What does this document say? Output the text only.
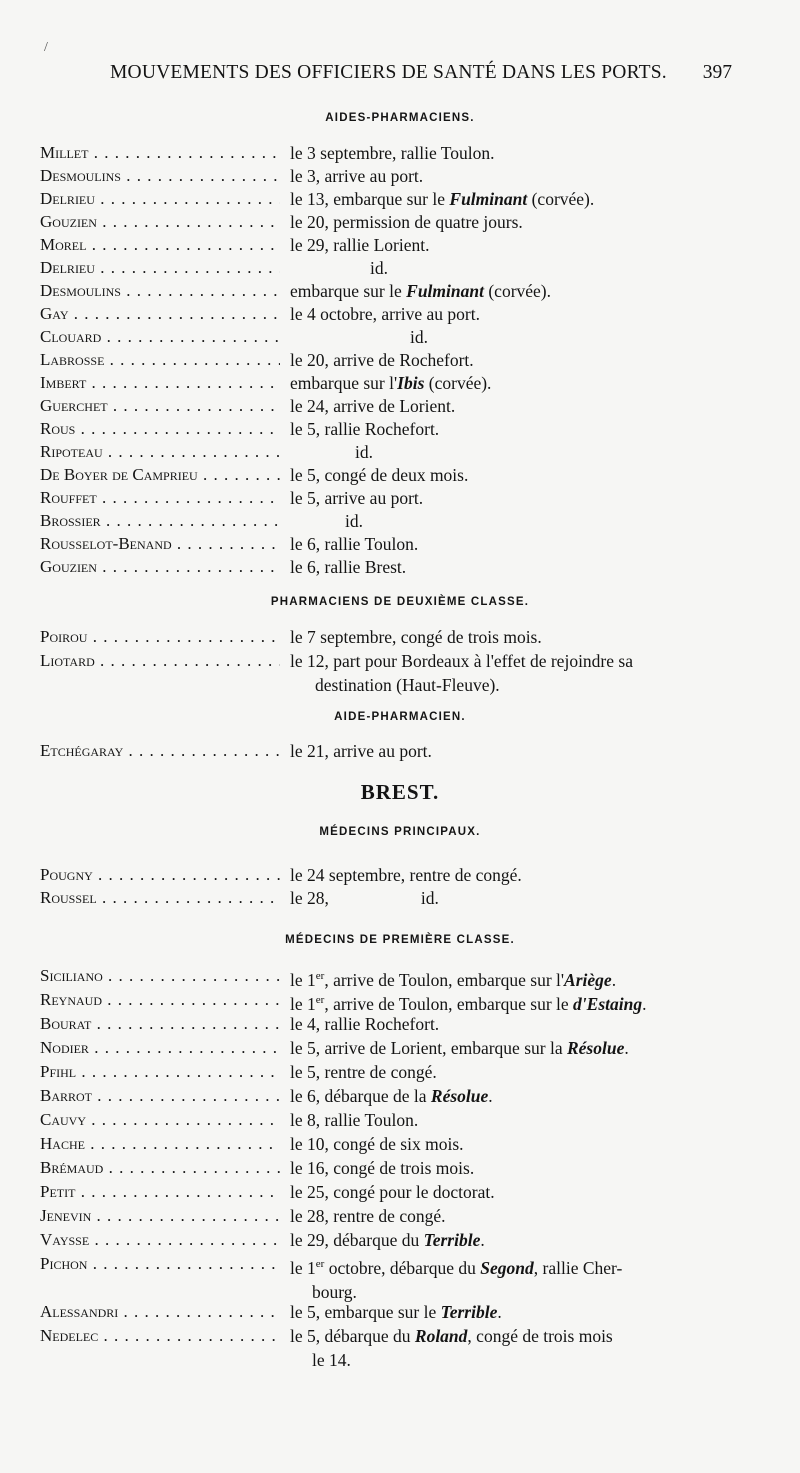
/
MOUVEMENTS DES OFFICIERS DE SANTÉ DANS LES PORTS. 397
AIDES-PHARMACIENS.
Millet . . .	le 3 septembre, rallie Toulon.
Desmoulins . . .	le 3, arrive au port.
Delrieu . . .	le 13, embarque sur le Fulminant (corvée).
Gouzien . . .	le 20, permission de quatre jours.
Morel . . .	le 29, rallie Lorient.
Delrieu . . .	id.
Desmoulins . . .	embarque sur le Fulminant (corvée).
Gay . . .	le 4 octobre, arrive au port.
Clouard . . .	id.
Labrosse . . .	le 20, arrive de Rochefort.
Imbert . . .	embarque sur l'Ibis (corvée).
Guerchet . . .	le 24, arrive de Lorient.
Rous . . .	le 5, rallie Rochefort.
Ripoteau . . .	id.
De Boyer de Camprieu . . .	le 5, congé de deux mois.
Rouffet . . .	le 5, arrive au port.
Brossier . . .	id.
Rousselot-Benand . . .	le 6, rallie Toulon.
Gouzien . . .	le 6, rallie Brest.
PHARMACIENS DE DEUXIÈME CLASSE.
Poirou . . .	le 7 septembre, congé de trois mois.
Liotard . . .	le 12, part pour Bordeaux à l'effet de rejoindre sa
destination (Haut-Fleuve).
AIDE-PHARMACIEN.
Etchégaray . . .	le 21, arrive au port.
BREST.
MÉDECINS PRINCIPAUX.
Pougny . . .	le 24 septembre, rentre de congé.
Roussel . . .	le 28,	id.
MÉDECINS DE PREMIÈRE CLASSE.
Siciliano . . .	le 1er, arrive de Toulon, embarque sur l'Ariège.
Reynaud . . .	le 1er, arrive de Toulon, embarque sur le d'Estaing.
Bourat . . .	le 4, rallie Rochefort.
Nodier . . .	le 5, arrive de Lorient, embarque sur la Résolue.
Pfihl . . .	le 5, rentre de congé.
Barrot . . .	le 6, débarque de la Résolue.
Cauvy . . .	le 8, rallie Toulon.
Hache . . .	le 10, congé de six mois.
Brémaud . . .	le 16, congé de trois mois.
Petit . . .	le 25, congé pour le doctorat.
Jenevin . . .	le 28, rentre de congé.
Vaysse . . .	le 29, débarque du Terrible.
Pichon . . .	le 1er octobre, débarque du Segond, rallie Cher-
bourg.
Alessandri . . .	le 5, embarque sur le Terrible.
Nedelec . . .	le 5, débarque du Roland, congé de trois mois
le 14.
